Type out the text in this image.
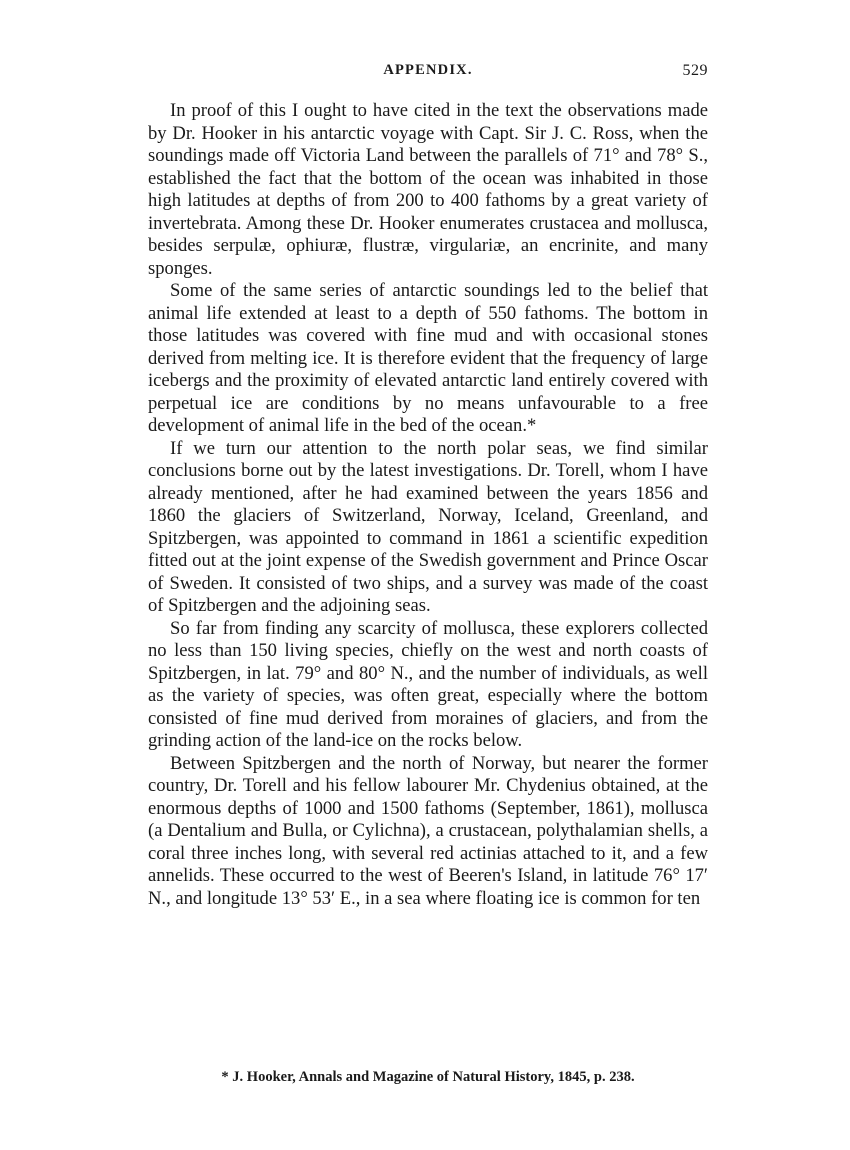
APPENDIX.	529

In proof of this I ought to have cited in the text the observations made by Dr. Hooker in his antarctic voyage with Capt. Sir J. C. Ross, when the soundings made off Victoria Land between the parallels of 71° and 78° S., established the fact that the bottom of the ocean was inhabited in those high latitudes at depths of from 200 to 400 fathoms by a great variety of invertebrata. Among these Dr. Hooker enumerates crustacea and mollusca, besides serpulæ, ophiuræ, flustræ, virgulariæ, an encrinite, and many sponges.

Some of the same series of antarctic soundings led to the belief that animal life extended at least to a depth of 550 fathoms. The bottom in those latitudes was covered with fine mud and with occasional stones derived from melting ice. It is therefore evident that the frequency of large icebergs and the proximity of elevated antarctic land entirely covered with perpetual ice are conditions by no means unfavourable to a free development of animal life in the bed of the ocean.*

If we turn our attention to the north polar seas, we find similar conclusions borne out by the latest investigations. Dr. Torell, whom I have already mentioned, after he had examined between the years 1856 and 1860 the glaciers of Switzerland, Norway, Iceland, Greenland, and Spitzbergen, was appointed to command in 1861 a scientific expedition fitted out at the joint expense of the Swedish government and Prince Oscar of Sweden. It consisted of two ships, and a survey was made of the coast of Spitzbergen and the adjoining seas.

So far from finding any scarcity of mollusca, these explorers collected no less than 150 living species, chiefly on the west and north coasts of Spitzbergen, in lat. 79° and 80° N., and the number of individuals, as well as the variety of species, was often great, especially where the bottom consisted of fine mud derived from moraines of glaciers, and from the grinding action of the land-ice on the rocks below.

Between Spitzbergen and the north of Norway, but nearer the former country, Dr. Torell and his fellow labourer Mr. Chydenius obtained, at the enormous depths of 1000 and 1500 fathoms (September, 1861), mollusca (a Dentalium and Bulla, or Cylichna), a crustacean, polythalamian shells, a coral three inches long, with several red actinias attached to it, and a few annelids. These occurred to the west of Beeren's Island, in latitude 76° 17′ N., and longitude 13° 53′ E., in a sea where floating ice is common for ten

* J. Hooker, Annals and Magazine of Natural History, 1845, p. 238.
